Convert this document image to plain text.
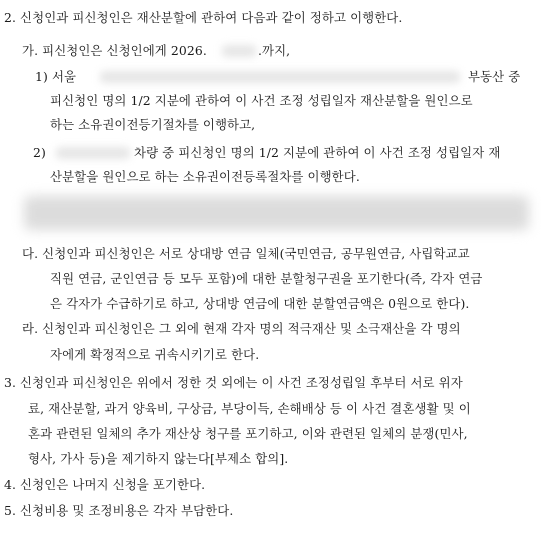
2. 신청인과 피신청인은 재산분할에 관하여 다음과 같이 정하고 이행한다.
가. 피신청인은 신청인에게 2026.	.까지,
1) 서울	부동산 중
피신청인 명의 1/2 지분에 관하여 이 사건 조정 성립일자 재산분할을 원인으로
하는 소유권이전등기절차를 이행하고,
2)	차량 중 피신청인 명의 1/2 지분에 관하여 이 사건 조정 성립일자 재
산분할을 원인으로 하는 소유권이전등록절차를 이행한다.
다. 신청인과 피신청인은 서로 상대방 연금 일체(국민연금, 공무원연금, 사립학교교
직원 연금, 군인연금 등 모두 포함)에 대한 분할청구권을 포기한다(즉, 각자 연금
은 각자가 수급하기로 하고, 상대방 연금에 대한 분할연금액은 0원으로 한다).
라. 신청인과 피신청인은 그 외에 현재 각자 명의 적극재산 및 소극재산을 각 명의
자에게 확정적으로 귀속시키기로 한다.
3. 신청인과 피신청인은 위에서 정한 것 외에는 이 사건 조정성립일 후부터 서로 위자
료, 재산분할, 과거 양육비, 구상금, 부당이득, 손해배상 등 이 사건 결혼생활 및 이
혼과 관련된 일체의 추가 재산상 청구를 포기하고, 이와 관련된 일체의 분쟁(민사,
형사, 가사 등)을 제기하지 않는다[부제소 합의].
4. 신청인은 나머지 신청을 포기한다.
5. 신청비용 및 조정비용은 각자 부담한다.
